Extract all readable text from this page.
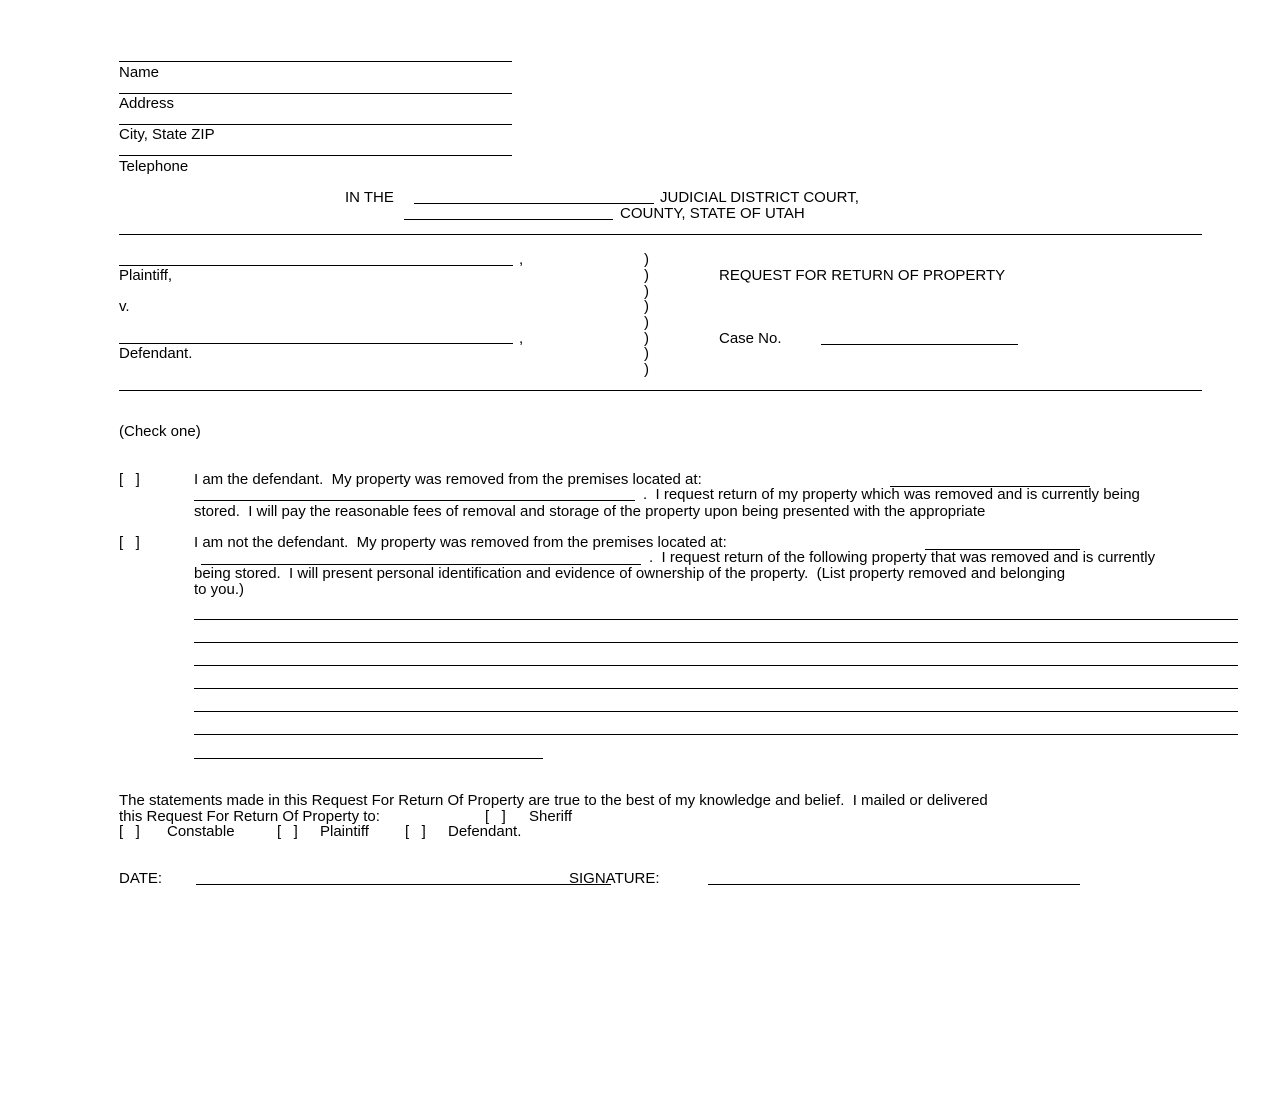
Name
Address
City, State ZIP
Telephone
IN THE	JUDICIAL DISTRICT COURT,
COUNTY, STATE OF UTAH
,
Plaintiff,
v.
,
Defendant.
)
)
)
)
)
)
)
)
REQUEST FOR RETURN OF PROPERTY
Case No.
(Check one)
[   ]	I am the defendant.  My property was removed from the premises located at:
.  I request return of my property which was removed and is currently being
stored.  I will pay the reasonable fees of removal and storage of the property upon being presented with the appropriate
[   ]	I am not the defendant.  My property was removed from the premises located at:
.  I request return of the following property that was removed and is currently
being stored.  I will present personal identification and evidence of ownership of the property.  (List property removed and belonging
to you.)
The statements made in this Request For Return Of Property are true to the best of my knowledge and belief.  I mailed or delivered
this Request For Return Of Property to:	[   ] Sheriff
[   ] Constable	[   ] Plaintiff [   ] Defendant.
DATE:	SIGNATURE:
